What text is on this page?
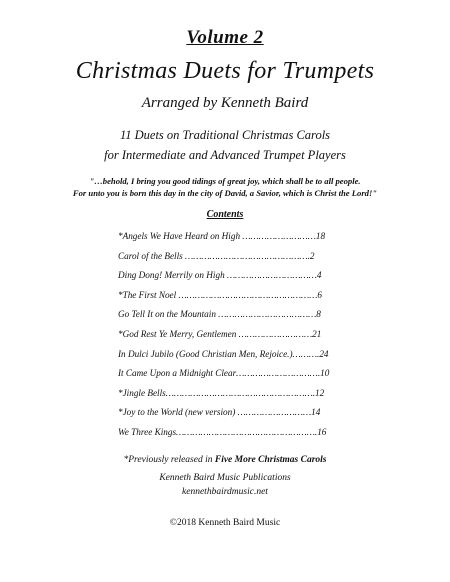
Volume 2
Christmas Duets for Trumpets
Arranged by Kenneth Baird
11 Duets on Traditional Christmas Carols
for Intermediate and Advanced Trumpet Players
"…behold, I bring you good tidings of great joy, which shall be to all people.
For unto you is born this day in the city of David, a Savior, which is Christ the Lord!"
Contents
*Angels We Have Heard on High ………………………18
Carol of the Bells ……………………………………….2
Ding Dong! Merrily on High ……………………………4
*The First Noel ……………………………………………6
Go Tell It on the Mountain ………………………………8
*God Rest Ye Merry, Gentlemen ………………………21
In Dulci Jubilo (Good Christian Men, Rejoice.)……….24
It Came Upon a Midnight Clear………………………….10
*Jingle Bells……………………………………………….12
*Joy to the World (new version) ………………………14
We Three Kings…………………………………………….16
*Previously released in Five More Christmas Carols
Kenneth Baird Music Publications
kennethbairdmusic.net
©2018 Kenneth Baird Music
